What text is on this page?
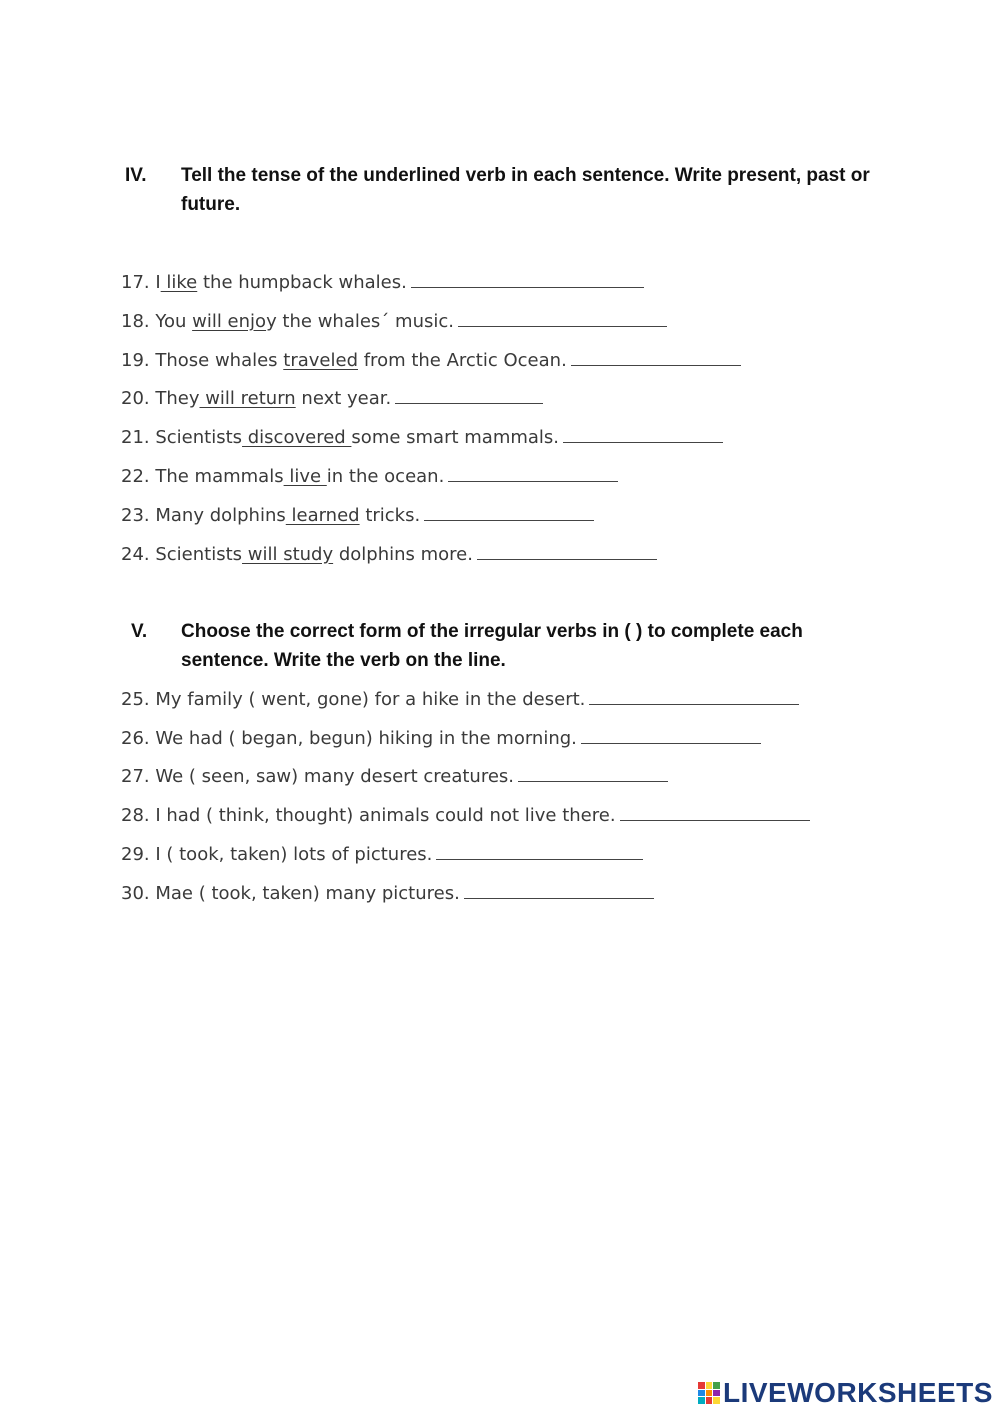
IV. Tell the tense of the underlined verb in each sentence. Write present, past or future.
17. I like the humpback whales.
18. You will enjoy the whales´ music.
19. Those whales traveled from the Arctic Ocean.
20. They will return next year.
21. Scientists discovered some smart mammals.
22. The mammals live in the ocean.
23. Many dolphins learned tricks.
24. Scientists will study dolphins more.
V. Choose the correct form of the irregular verbs in ( ) to complete each sentence. Write the verb on the line.
25. My family ( went, gone) for a hike in the desert.
26. We had ( began, begun) hiking in the morning.
27. We ( seen, saw) many desert creatures.
28. I had ( think, thought) animals could not live there.
29. I ( took, taken) lots of pictures.
30. Mae ( took, taken) many pictures.
LIVEWORKSHEETS
